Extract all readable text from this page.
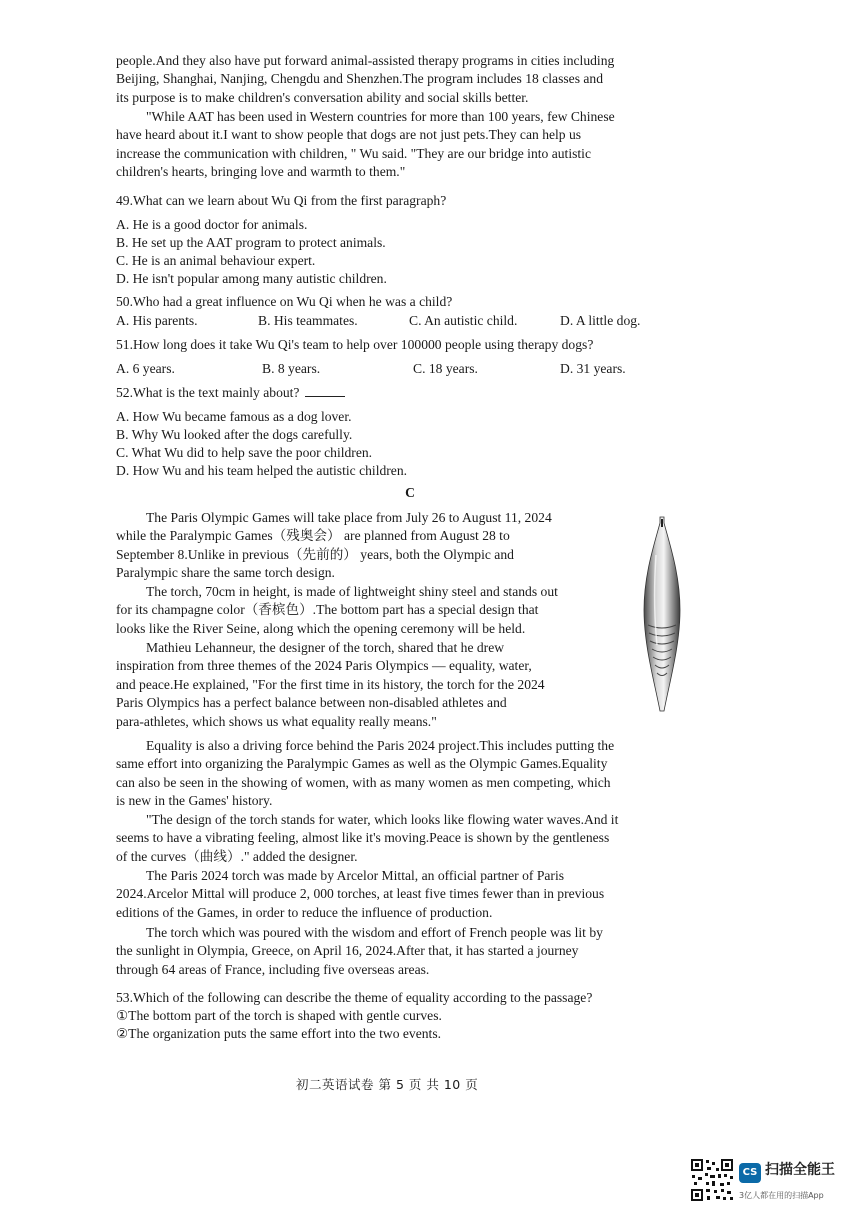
people.And they also have put forward animal-assisted therapy programs in cities including
Beijing, Shanghai, Nanjing, Chengdu and Shenzhen.The program includes 18 classes and
its purpose is to make children's conversation ability and social skills better.
"While AAT has been used in Western countries for more than 100 years, few Chinese
have heard about it.I want to show people that dogs are not just pets.They can help us
increase the communication with children, " Wu said. "They are our bridge into autistic
children's hearts, bringing love and warmth to them."

49.What can we learn about Wu Qi from the first paragraph?

A. He is a good doctor for animals.

B. He set up the AAT program to protect animals.

C. He is an animal behaviour expert.

D. He isn't popular among many autistic children.

50.Who had a great influence on Wu Qi when he was a child?

A. His parents.	B. His teammates.	C. An autistic child.	D. A little dog.

51.How long does it take Wu Qi's team to help over 100000 people using therapy dogs?

A. 6 years.	B. 8 years.	C. 18 years.	D. 31 years.

52.What is the text mainly about?

A. How Wu became famous as a dog lover.

B. Why Wu looked after the dogs carefully.

C. What Wu did to help save the poor children.

D. How Wu and his team helped the autistic children.

C
The Paris Olympic Games will take place from July 26 to August 11, 2024
while the Paralympic Games（残奥会） are planned from August 28 to
September 8.Unlike in previous（先前的） years, both the Olympic and
Paralympic share the same torch design.
The torch, 70cm in height, is made of lightweight shiny steel and stands out
for its champagne color（香槟色）.The bottom part has a special design that
looks like the River Seine, along which the opening ceremony will be held.
Mathieu Lehanneur, the designer of the torch, shared that he drew
inspiration from three themes of the 2024 Paris Olympics — equality, water,
and peace.He explained, "For the first time in its history, the torch for the 2024
Paris Olympics has a perfect balance between non-disabled athletes and
para-athletes, which shows us what equality really means."
Equality is also a driving force behind the Paris 2024 project.This includes putting the
same effort into organizing the Paralympic Games as well as the Olympic Games.Equality
can also be seen in the showing of women, with as many women as men competing, which
is new in the Games' history.
"The design of the torch stands for water, which looks like flowing water waves.And it
seems to have a vibrating feeling, almost like it's moving.Peace is shown by the gentleness
of the curves（曲线）." added the designer.
The Paris 2024 torch was made by Arcelor Mittal, an official partner of Paris
2024.Arcelor Mittal will produce 2, 000 torches, at least five times fewer than in previous
editions of the Games, in order to reduce the influence of production.
The torch which was poured with the wisdom and effort of French people was lit by
the sunlight in Olympia, Greece, on April 16, 2024.After that, it has started a journey
through 64 areas of France, including five overseas areas.

53.Which of the following can describe the theme of equality according to the passage?

①The bottom part of the torch is shaped with gentle curves.

②The organization puts the same effort into the two events.

初二英语试卷 第 5 页 共 10 页
CS 扫描全能王
3亿人都在用的扫描App
